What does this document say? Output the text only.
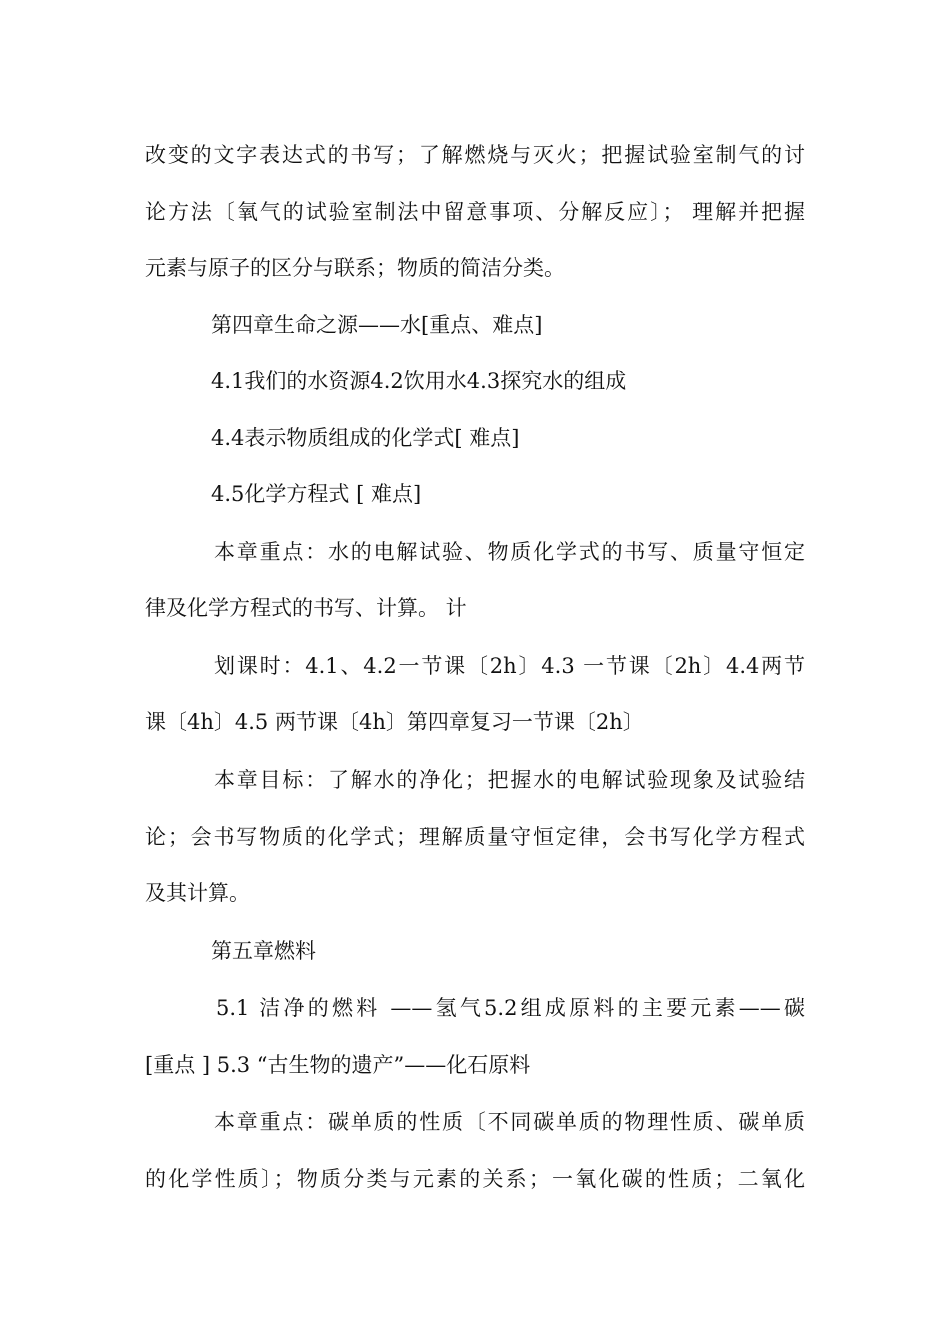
改变的文字表达式的书写；了解燃烧与灭火；把握试验室制气的讨
论方法〔氧气的试验室制法中留意事项、分解反应〕； 理解并把握
元素与原子的区分与联系；物质的简洁分类。
第四章生命之源——水[重点、难点]
4.1我们的水资源4.2饮用水4.3探究水的组成
4.4表示物质组成的化学式[ 难点]
4.5化学方程式 [ 难点]
本章重点：水的电解试验、物质化学式的书写、质量守恒定
律及化学方程式的书写、计算。 计
划课时：4.1、4.2一节课〔2h〕4.3 一节课〔2h〕4.4两节
课〔4h〕4.5 两节课〔4h〕第四章复习一节课〔2h〕
本章目标：了解水的净化；把握水的电解试验现象及试验结
论；会书写物质的化学式；理解质量守恒定律，会书写化学方程式
及其计算。
第五章燃料
5.1 洁净的燃料 ——氢气5.2组成原料的主要元素——碳
[重点 ] 5.3 “古生物的遗产”——化石原料
本章重点：碳单质的性质〔不同碳单质的物理性质、碳单质
的化学性质〕；物质分类与元素的关系；一氧化碳的性质；二氧化
